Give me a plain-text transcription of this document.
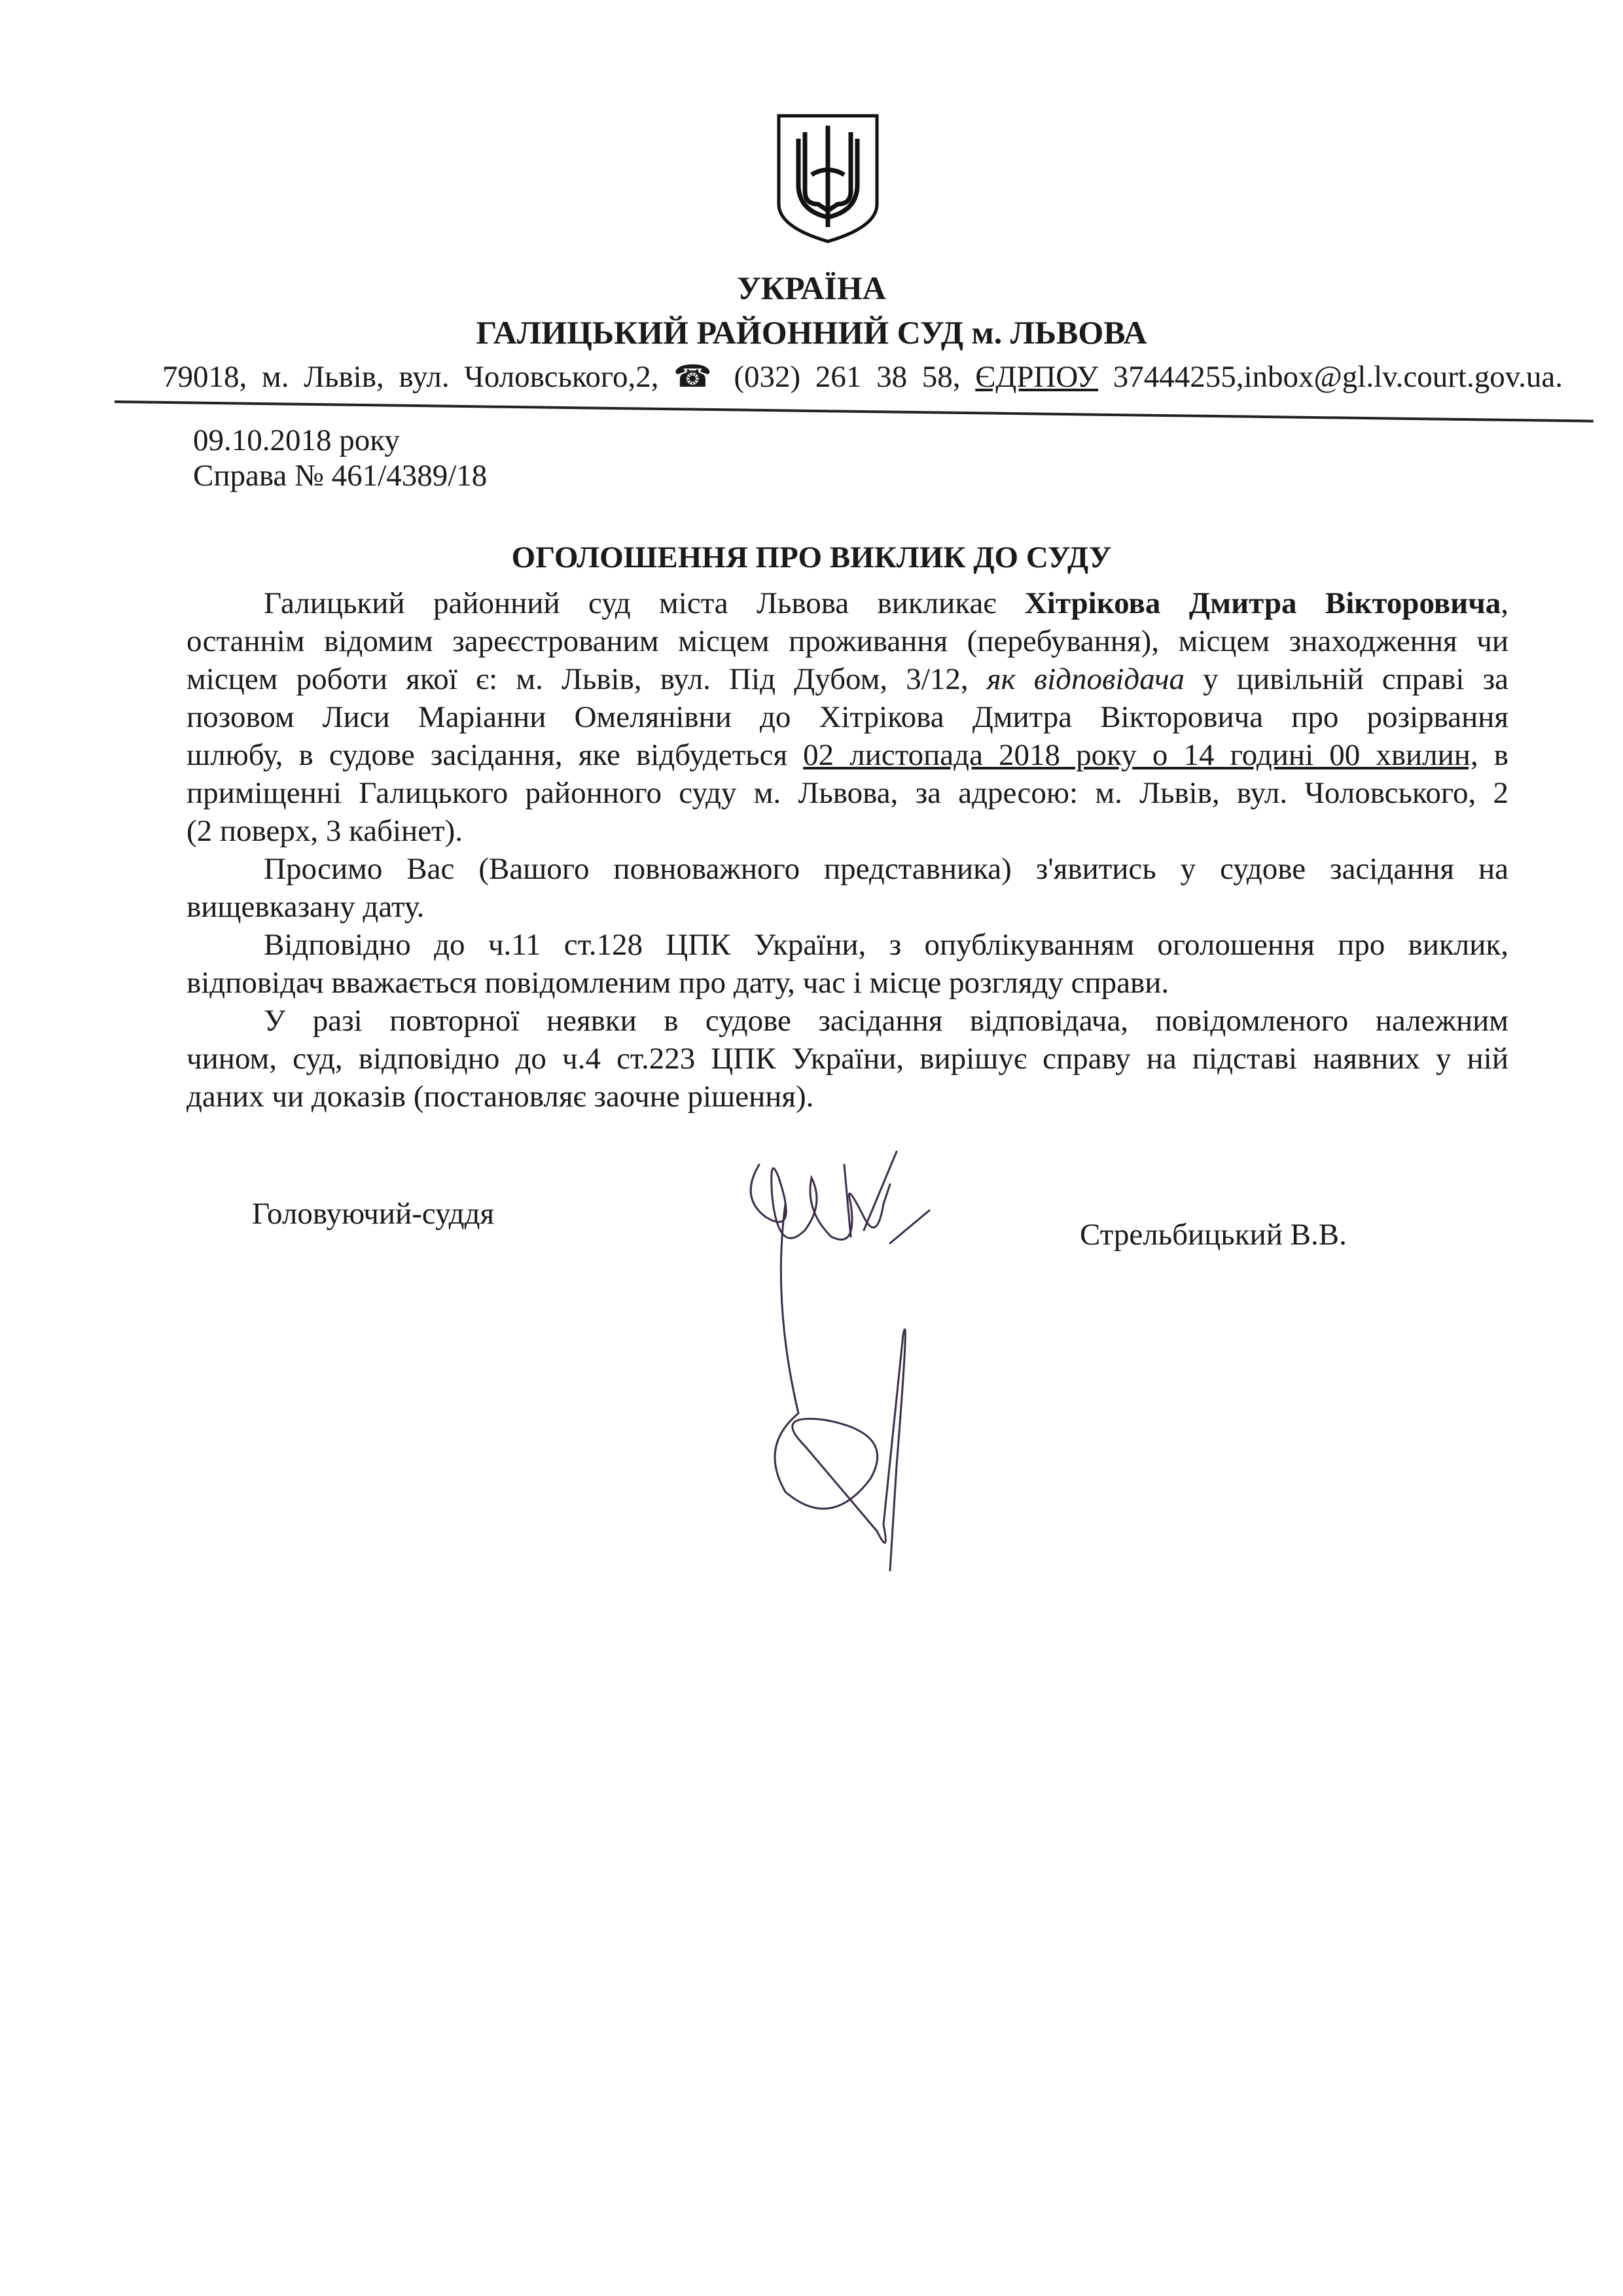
УКРАЇНА
ГАЛИЦЬКИЙ РАЙОННИЙ СУД м. ЛЬВОВА
79018, м. Львів, вул. Чоловського,2, ☎ (032) 261 38 58, ЄДРПОУ 37444255,inbox@gl.lv.court.gov.ua.
09.10.2018 року
Справа № 461/4389/18
ОГОЛОШЕННЯ ПРО ВИКЛИК ДО СУДУ
Галицький районний суд міста Львова викликає Хітрікова Дмитра Вікторовича,
останнім відомим зареєстрованим місцем проживання (перебування), місцем знаходження чи
місцем роботи якої є: м. Львів, вул. Під Дубом, 3/12, як відповідача у цивільній справі за
позовом Лиси Маріанни Омелянівни до Хітрікова Дмитра Вікторовича про розірвання
шлюбу, в судове засідання, яке відбудеться 02 листопада 2018 року о 14 годині 00 хвилин, в
приміщенні Галицького районного суду м. Львова, за адресою: м. Львів, вул. Чоловського, 2
(2 поверх, 3 кабінет).
Просимо Вас (Вашого повноважного представника) з'явитись у судове засідання на
вищевказану дату.
Відповідно до ч.11 ст.128 ЦПК України, з опублікуванням оголошення про виклик,
відповідач вважається повідомленим про дату, час і місце розгляду справи.
У разі повторної неявки в судове засідання відповідача, повідомленого належним
чином, суд, відповідно до ч.4 ст.223 ЦПК України, вирішує справу на підставі наявних у ній
даних чи доказів (постановляє заочне рішення).
Головуючий-суддя
Стрельбицький В.В.
